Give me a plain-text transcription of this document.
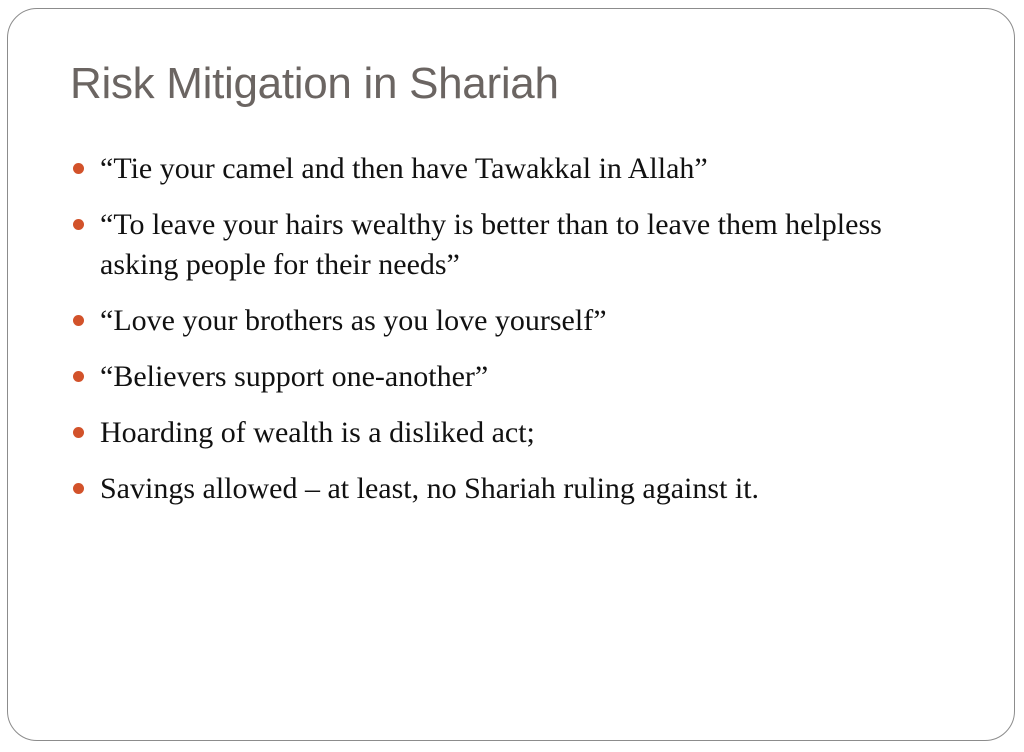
Risk Mitigation in Shariah
“Tie your camel and then have Tawakkal in Allah”
“To leave your hairs wealthy is better than to leave them helpless asking people for their needs”
“Love your brothers as you love yourself”
“Believers support one-another”
Hoarding of wealth is a disliked act;
Savings allowed – at least, no Shariah ruling against it.
